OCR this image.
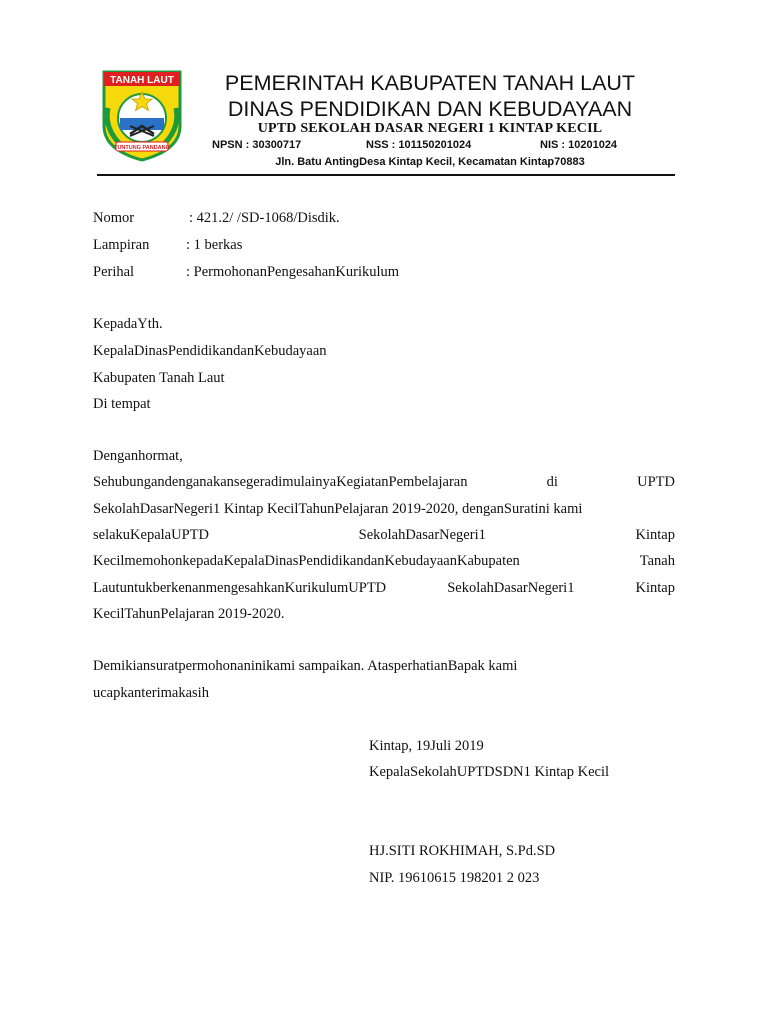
TANAH LAUT
TUNTUNG PANDANG
PEMERINTAH KABUPATEN TANAH LAUT
DINAS PENDIDIKAN DAN KEBUDAYAAN
UPTD SEKOLAH DASAR NEGERI 1 KINTAP KECIL
NPSN : 30300717	NSS : 101150201024	NIS : 10201024
Jln. Batu AntingDesa Kintap Kecil, Kecamatan Kintap70883
Nomor	: 421.2/ /SD-1068/Disdik.
Lampiran	: 1 berkas
Perihal	: PermohonanPengesahanKurikulum
KepadaYth.
KepalaDinasPendidikandanKebudayaan
Kabupaten Tanah Laut
Di tempat
Denganhormat,
Sehubungandenganakansegeradimulainya Kegiatan Pembelajaran	di	UPTD
SekolahDasarNegeri1 Kintap KecilTahunPelajaran 2019-2020, denganSuratini kami
selakuKepalaUPTD	SekolahDasarNegeri1	Kintap
KecilmemohonkepadaKepalaDinasPendidikandanKebudayaanKabupaten	Tanah
LautuntukberkenanmengesahkanKurikulumUPTD	SekolahDasarNegeri1	Kintap
KecilTahunPelajaran 2019-2020.
Demikiansuratpermohonaninikami sampaikan. AtasperhatianBapak kami
ucapkanterimakasih
Kintap, 19Juli 2019
KepalaSekolahUPTDSDN1 Kintap Kecil
HJ.SITI ROKHIMAH, S.Pd.SD
NIP. 19610615 198201 2 023
